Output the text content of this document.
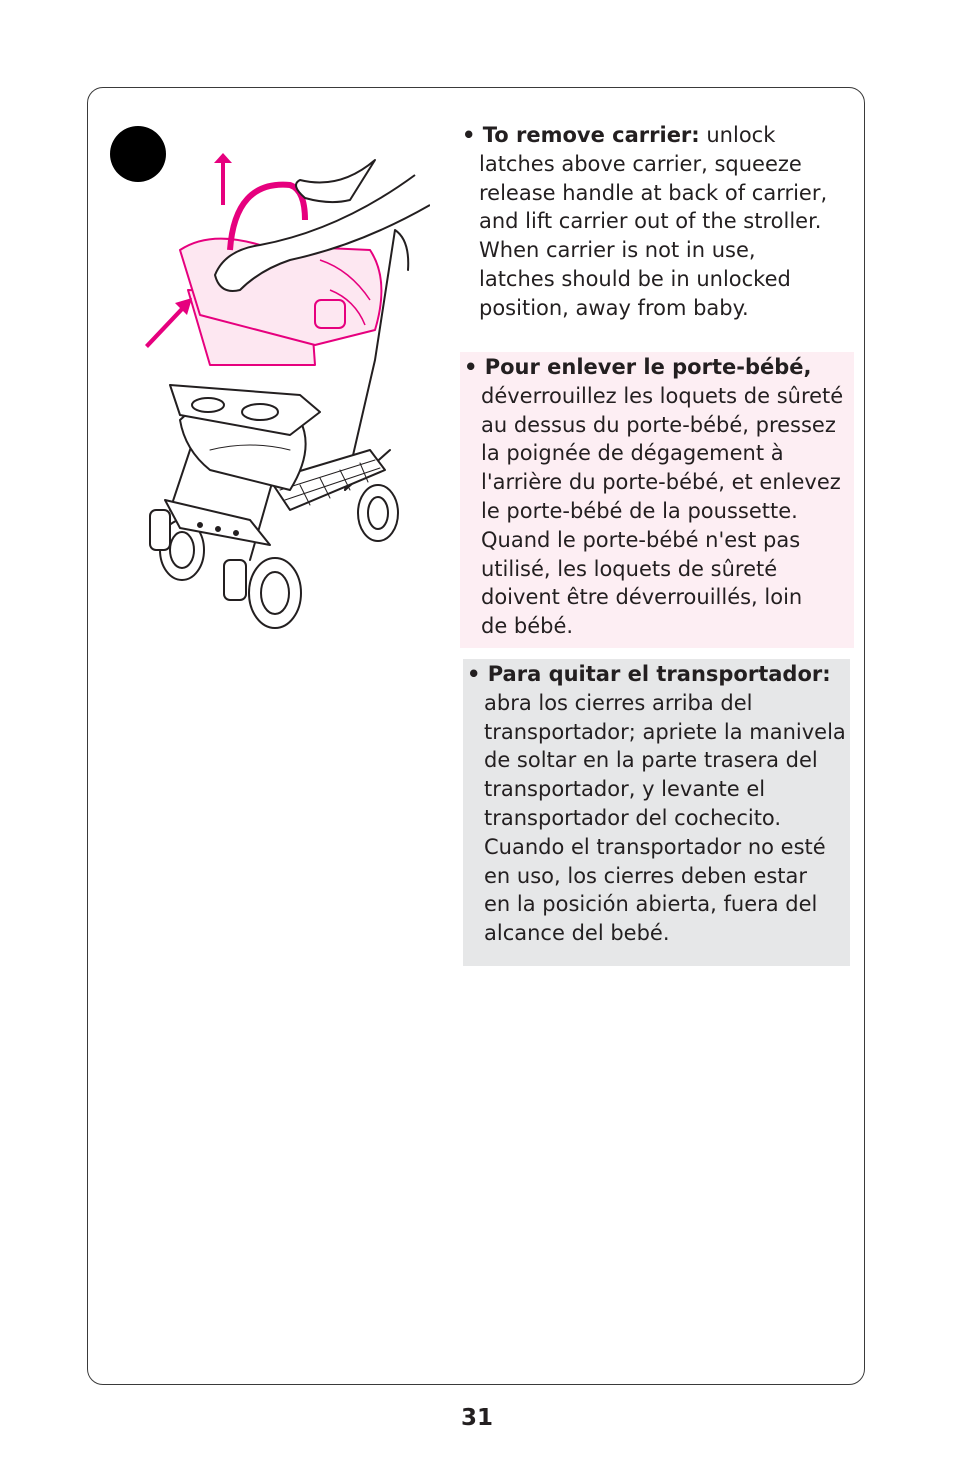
• To remove carrier: unlock
latches above carrier, squeeze
release handle at back of carrier,
and lift carrier out of the stroller.
When carrier is not in use,
latches should be in unlocked
position, away from baby.
• Pour enlever le porte-bébé,
déverrouillez les loquets de sûreté
au dessus du porte-bébé, pressez
la poignée de dégagement à
l'arrière du porte-bébé, et enlevez
le porte-bébé de la poussette.
Quand le porte-bébé n'est pas
utilisé, les loquets de sûreté
doivent être déverrouillés, loin
de bébé.
• Para quitar el transportador:
abra los cierres arriba del
transportador; apriete la manivela
de soltar en la parte trasera del
transportador, y levante el
transportador del cochecito.
Cuando el transportador no esté
en uso, los cierres deben estar
en la posición abierta, fuera del
alcance del bebé.
31
